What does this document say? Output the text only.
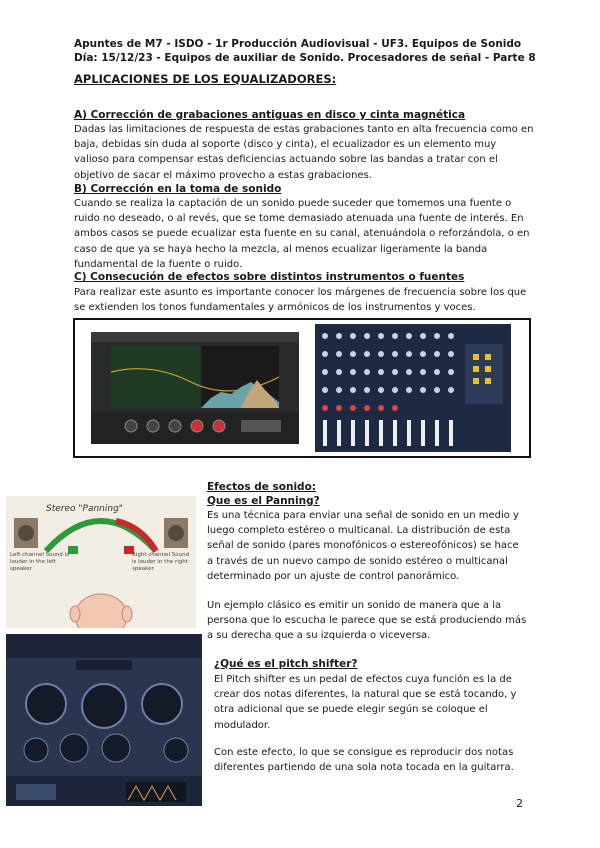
Apuntes de M7 - ISDO - 1r Producción Audiovisual - UF3. Equipos de Sonido
Día: 15/12/23 - Equipos de auxiliar de Sonido. Procesadores de señal - Parte 8
APLICACIONES DE LOS EQUALIZADORES:
A) Corrección de grabaciones antiguas en disco y cinta magnética
Dadas las limitaciones de respuesta de estas grabaciones tanto en alta frecuencia como en baja, debidas sin duda al soporte (disco y cinta), el ecualizador es un elemento muy valioso para compensar estas deficiencias actuando sobre las bandas a tratar con el objetivo de sacar el máximo provecho a estas grabaciones.
B) Corrección en la toma de sonido
Cuando se realiza la captación de un sonido puede suceder que tomemos una fuente o ruido no deseado, o al revés, que se tome demasiado atenuada una fuente de interés. En ambos casos se puede ecualizar esta fuente en su canal, atenuándola o reforzándola, o en caso de que ya se haya hecho la mezcla, al menos ecualizar ligeramente la banda fundamental de la fuente o ruido.
C) Consecución de efectos sobre distintos instrumentos o fuentes
Para realizar este asunto es importante conocer los márgenes de frecuencia sobre los que se extienden los tonos fundamentales y armónicos de los instrumentos y voces.
Stereo "Panning"
Left channel Sound is louder in the left speaker
Right channel Sound is louder in the right speaker
Efectos de sonido:
Que es el Panning?
Es una técnica para enviar una señal de sonido en un medio y luego completo estéreo o multicanal. La distribución de esta señal de sonido (pares monofónicos o estereofónicos) se hace a través de un nuevo campo de sonido estéreo o multicanal determinado por un ajuste de control panorámico.
Un ejemplo clásico es emitir un sonido de manera que a la persona que lo escucha le parece que se está produciendo más a su derecha que a su izquierda o viceversa.
¿Qué es el pitch shifter?
El Pitch shifter es un pedal de efectos cuya función es la de crear dos notas diferentes, la natural que se está tocando, y otra adicional que se puede elegir según se coloque el modulador.
Con este efecto, lo que se consigue es reproducir dos notas diferentes partiendo de una sola nota tocada en la guitarra.
2
